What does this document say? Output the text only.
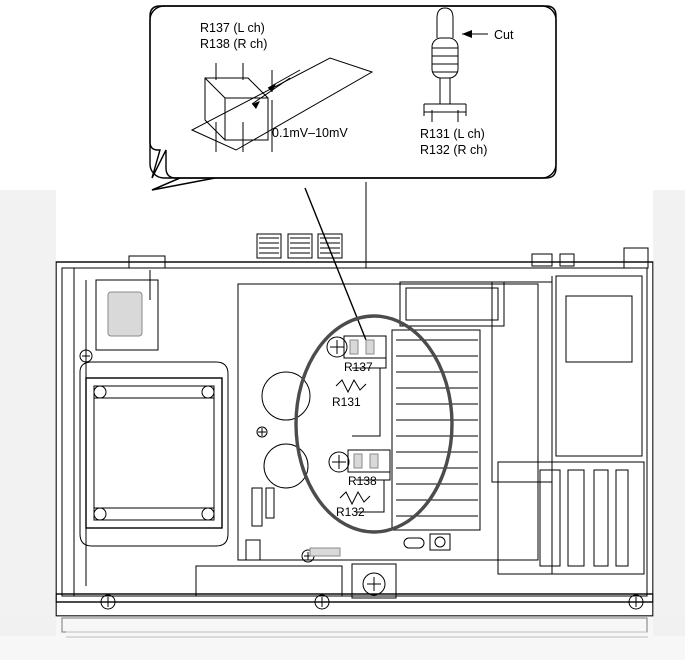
R137 (L ch)
R138 (R ch)
0.1mV–10mV
Cut
R131 (L ch)
R132 (R ch)
R137
R131
R138
R132
